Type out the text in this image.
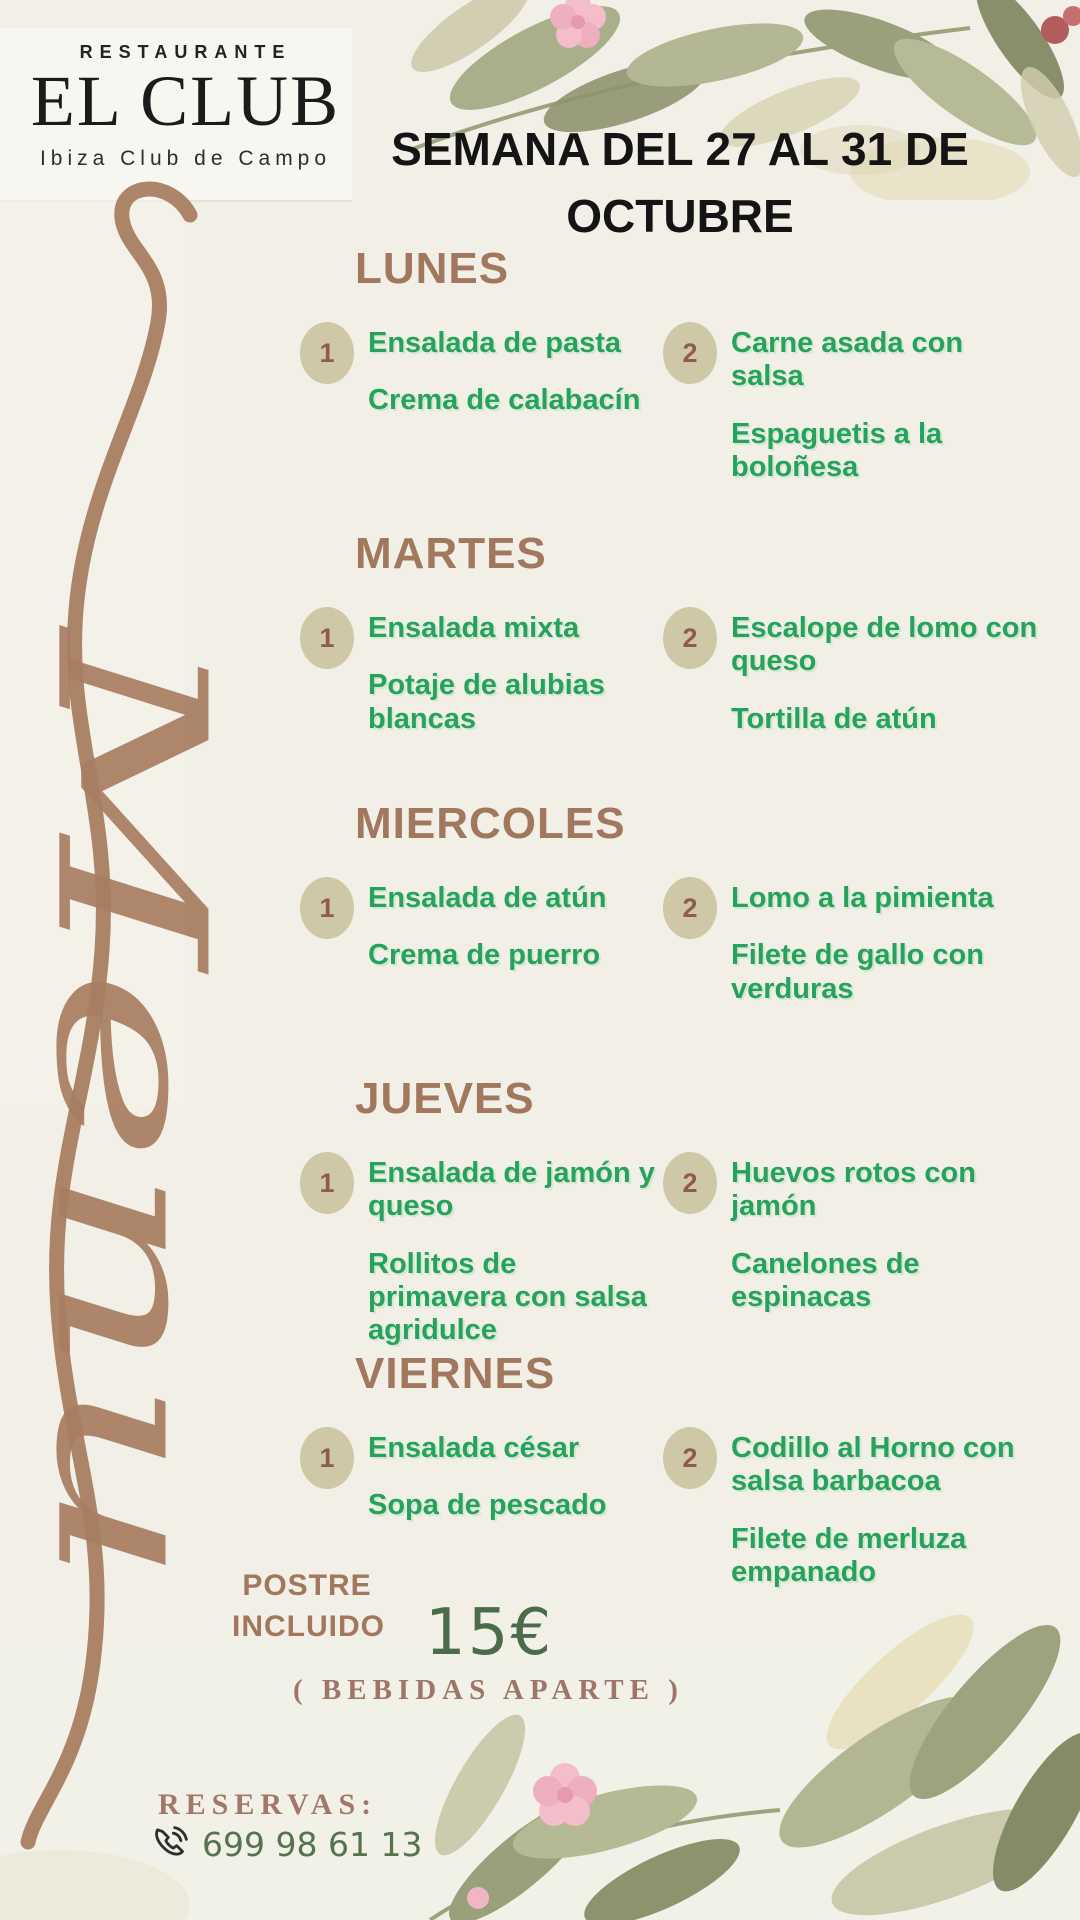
Menu
RESTAURANTE
EL CLUB
Ibiza Club de Campo	SEMANA DEL 27 AL 31 DE
OCTUBRE
LUNES
1	Ensalada de pasta

Crema de calabacín

2	Carne asada con salsa

Espaguetis a la boloñesa

MARTES
1	Ensalada mixta

Potaje de alubias blancas

2	Escalope de lomo con queso

Tortilla de atún

MIERCOLES
1	Ensalada de atún

Crema de puerro

2	Lomo a la pimienta

Filete de gallo con verduras

JUEVES
1	Ensalada de jamón y queso

Rollitos de primavera con salsa agridulce

2	Huevos rotos con jamón

Canelones de espinacas

VIERNES
1	Ensalada césar

Sopa de pescado

2	Codillo al Horno con salsa barbacoa

Filete de merluza empanado

POSTRE
INCLUIDO 15€
( BEBIDAS APARTE )
RESERVAS:
699 98 61 13
